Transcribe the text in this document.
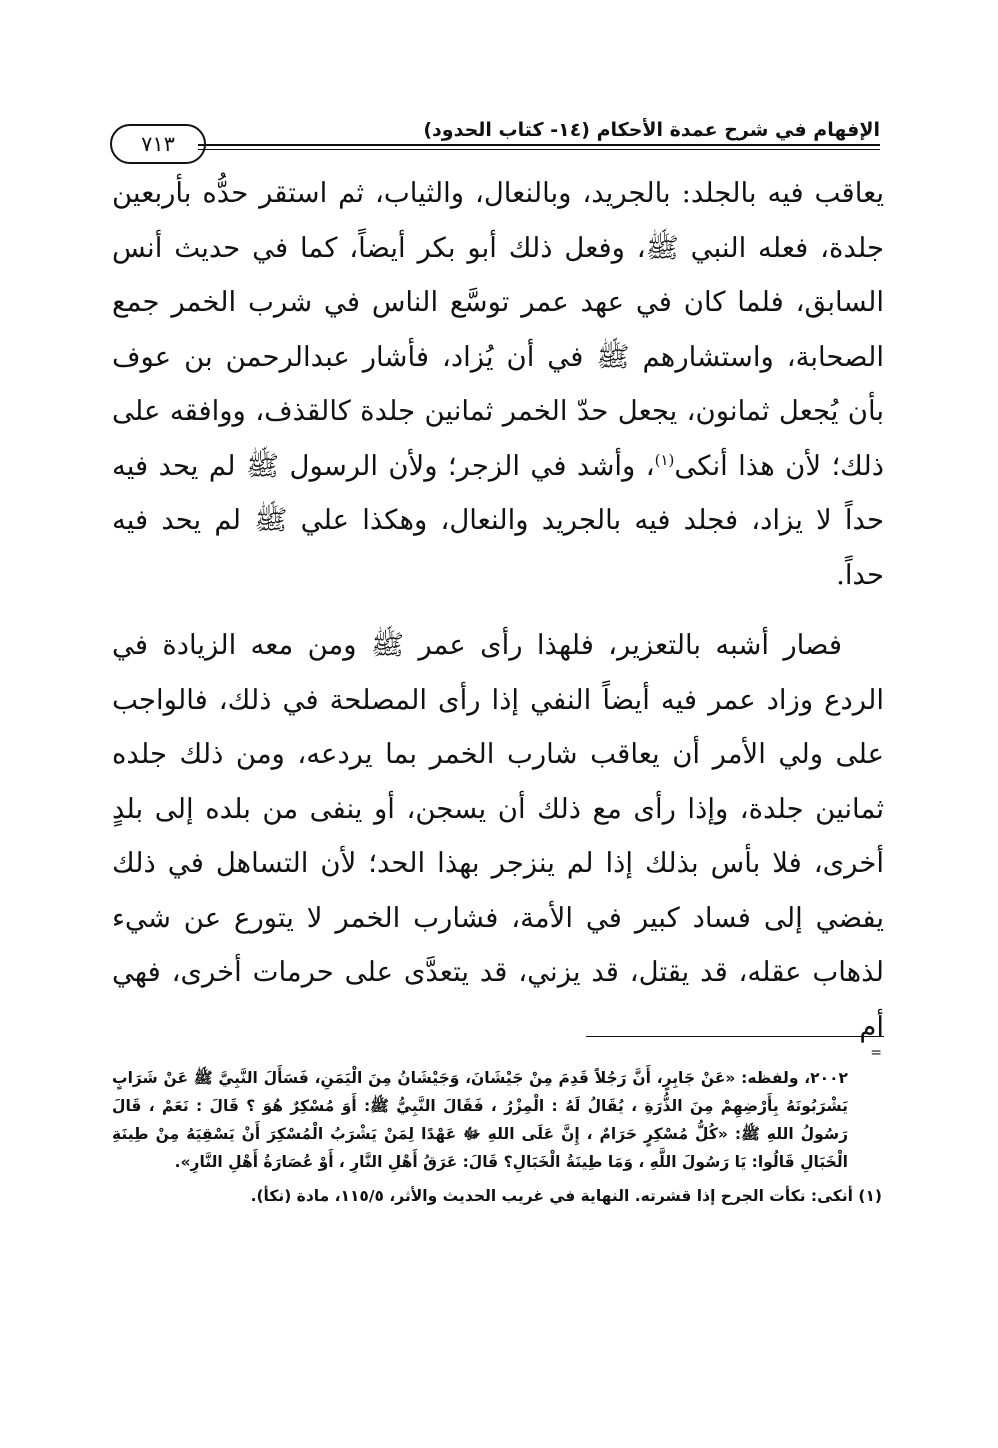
الإفهام في شرح عمدة الأحكام (١٤- كتاب الحدود)
٧١٣

يعاقب فيه بالجلد: بالجريد، وبالنعال، والثياب، ثم استقر حدُّه بأربعين جلدة، فعله النبي ﷺ، وفعل ذلك أبو بكر أيضاً، كما في حديث أنس السابق، فلما كان في عهد عمر توسَّع الناس في شرب الخمر جمع الصحابة، واستشارهم ﷺ في أن يُزاد، فأشار عبدالرحمن بن عوف بأن يُجعل ثمانون، يجعل حدّ الخمر ثمانين جلدة كالقذف، ووافقه على ذلك؛ لأن هذا أنكى$^{(١)}$، وأشد في الزجر؛ ولأن الرسول ﷺ لم يحد فيه حداً لا يزاد، فجلد فيه بالجريد والنعال، وهكذا علي ﷺ لم يحد فيه حداً.

فصار أشبه بالتعزير، فلهذا رأى عمر ﷺ ومن معه الزيادة في الردع وزاد عمر فيه أيضاً النفي إذا رأى المصلحة في ذلك، فالواجب على ولي الأمر أن يعاقب شارب الخمر بما يردعه، ومن ذلك جلده ثمانين جلدة، وإذا رأى مع ذلك أن يسجن، أو ينفى من بلده إلى بلدٍ أخرى، فلا بأس بذلك إذا لم ينزجر بهذا الحد؛ لأن التساهل في ذلك يفضي إلى فساد كبير في الأمة، فشارب الخمر لا يتورع عن شيء لذهاب عقله، قد يقتل، قد يزني، قد يتعدَّى على حرمات أخرى، فهي أم

=

٢٠٠٢، ولفظه: «عَنْ جَابِرٍ، أَنَّ رَجُلاً قَدِمَ مِنْ جَيْشَانَ، وَجَيْشَانُ مِنَ الْيَمَنِ، فَسَأَلَ النَّبِيَّ ﷺ عَنْ شَرَابٍ يَشْرَبُونَهُ بِأَرْضِهِمْ مِنَ الذُّرَةِ ، يُقَالُ لَهُ : الْمِزْرُ ، فَقَالَ النَّبِيُّ ﷺ: أَوَ مُسْكِرٌ هُوَ ؟ قَالَ : نَعَمْ ، قَالَ رَسُولُ اللهِ ﷺ: «كُلُّ مُسْكِرٍ حَرَامٌ ، إِنَّ عَلَى اللهِ ﷻ عَهْدًا لِمَنْ يَشْرَبُ الْمُسْكِرَ أَنْ يَسْقِيَهُ مِنْ طِينَةِ الْخَبَالِ قَالُوا: يَا رَسُولَ اللَّهِ ، وَمَا طِينَةُ الْخَبَالِ؟ قَالَ: عَرَقُ أَهْلِ النَّارِ ، أَوْ عُصَارَةُ أَهْلِ النَّارِ».

(١) أنكى: نكأت الجرح إذا قشرته. النهاية في غريب الحديث والأثر، ١١٥/٥، مادة (نكأ).
